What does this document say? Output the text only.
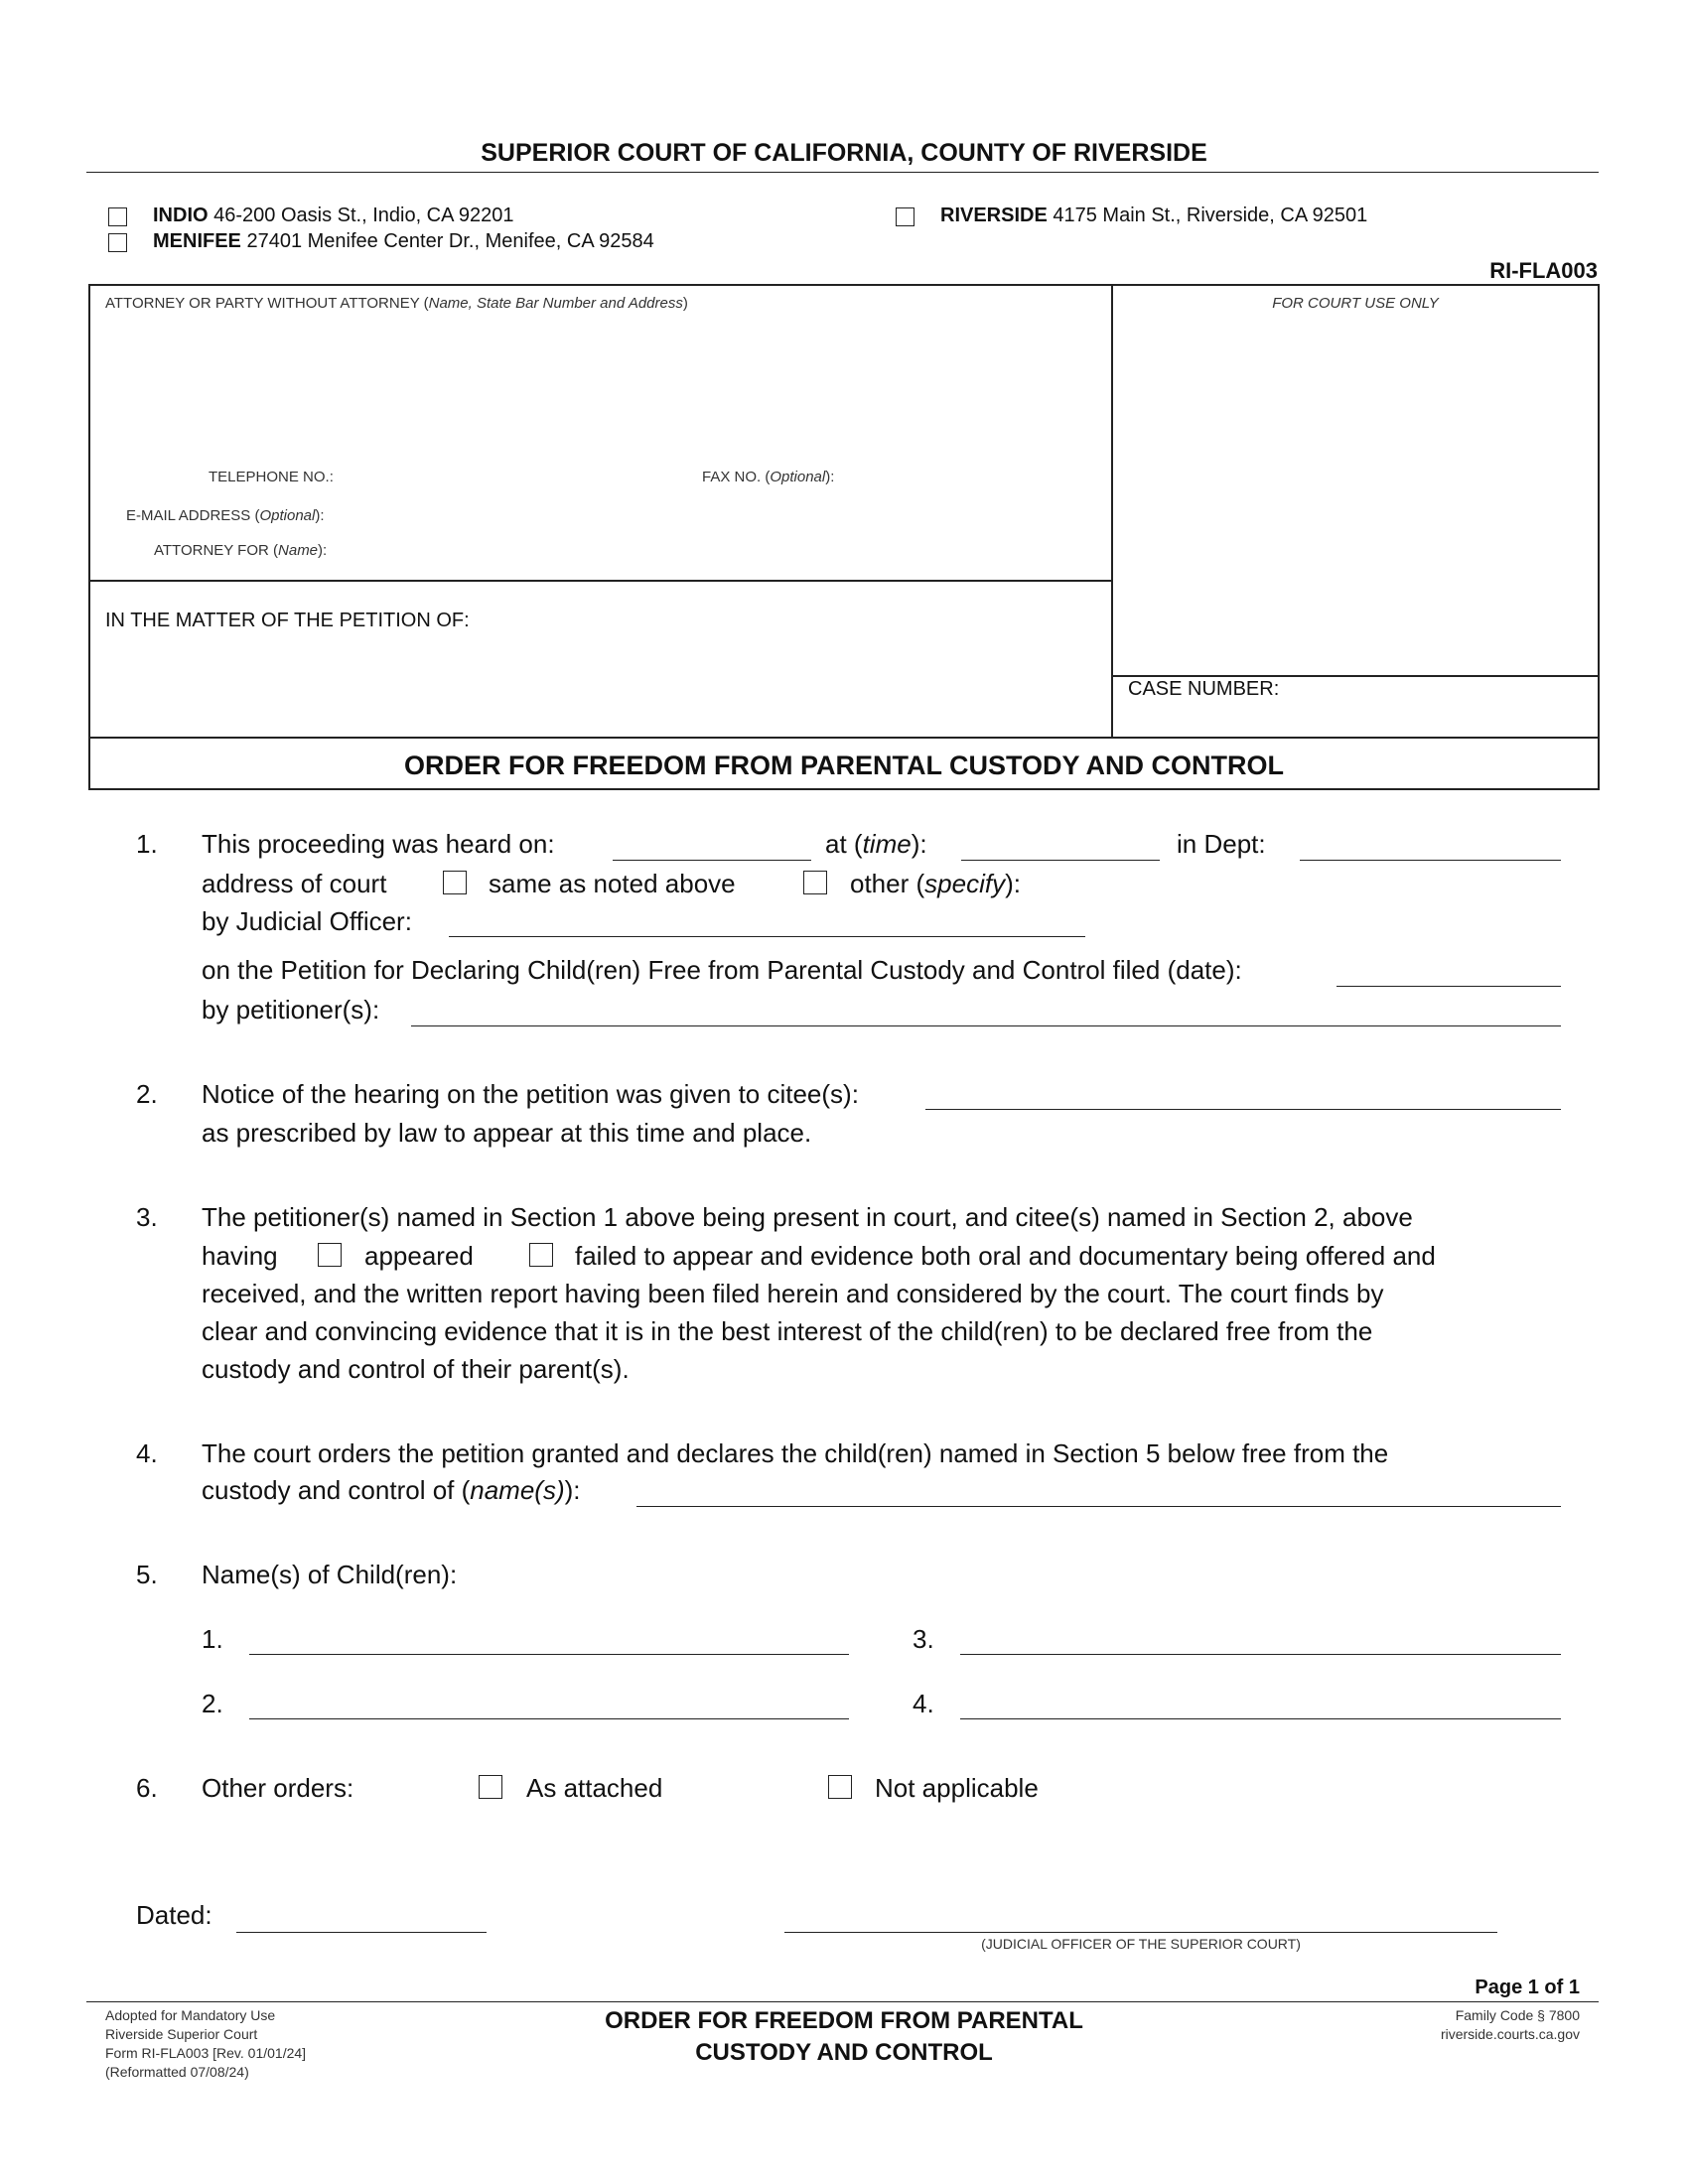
SUPERIOR COURT OF CALIFORNIA, COUNTY OF RIVERSIDE
INDIO 46-200 Oasis St., Indio, CA 92201
MENIFEE 27401 Menifee Center Dr., Menifee, CA 92584
RIVERSIDE 4175 Main St., Riverside, CA 92501
RI-FLA003
ATTORNEY OR PARTY WITHOUT ATTORNEY (Name, State Bar Number and Address)
TELEPHONE NO.:	FAX NO. (Optional):
E-MAIL ADDRESS (Optional):
ATTORNEY FOR (Name):
FOR COURT USE ONLY
CASE NUMBER:
IN THE MATTER OF THE PETITION OF:
ORDER FOR FREEDOM FROM PARENTAL CUSTODY AND CONTROL
1. This proceeding was heard on:	at (time):	in Dept:
address of court	same as noted above	other (specify):
by Judicial Officer:
on the Petition for Declaring Child(ren) Free from Parental Custody and Control filed (date):
by petitioner(s):
2. Notice of the hearing on the petition was given to citee(s):
as prescribed by law to appear at this time and place.
3. The petitioner(s) named in Section 1 above being present in court, and citee(s) named in Section 2, above
having	appeared	failed to appear and evidence both oral and documentary being offered and
received, and the written report having been filed herein and considered by the court. The court finds by
clear and convincing evidence that it is in the best interest of the child(ren) to be declared free from the
custody and control of their parent(s).
4. The court orders the petition granted and declares the child(ren) named in Section 5 below free from the
custody and control of (name(s)):
5. Name(s) of Child(ren):
1.	3.
2.	4.
6. Other orders:	As attached	Not applicable
Dated:
(JUDICIAL OFFICER OF THE SUPERIOR COURT)
Page 1 of 1
Adopted for Mandatory Use
Riverside Superior Court
Form RI-FLA003 [Rev. 01/01/24]
(Reformatted 07/08/24)
ORDER FOR FREEDOM FROM PARENTAL
CUSTODY AND CONTROL
Family Code § 7800
riverside.courts.ca.gov
